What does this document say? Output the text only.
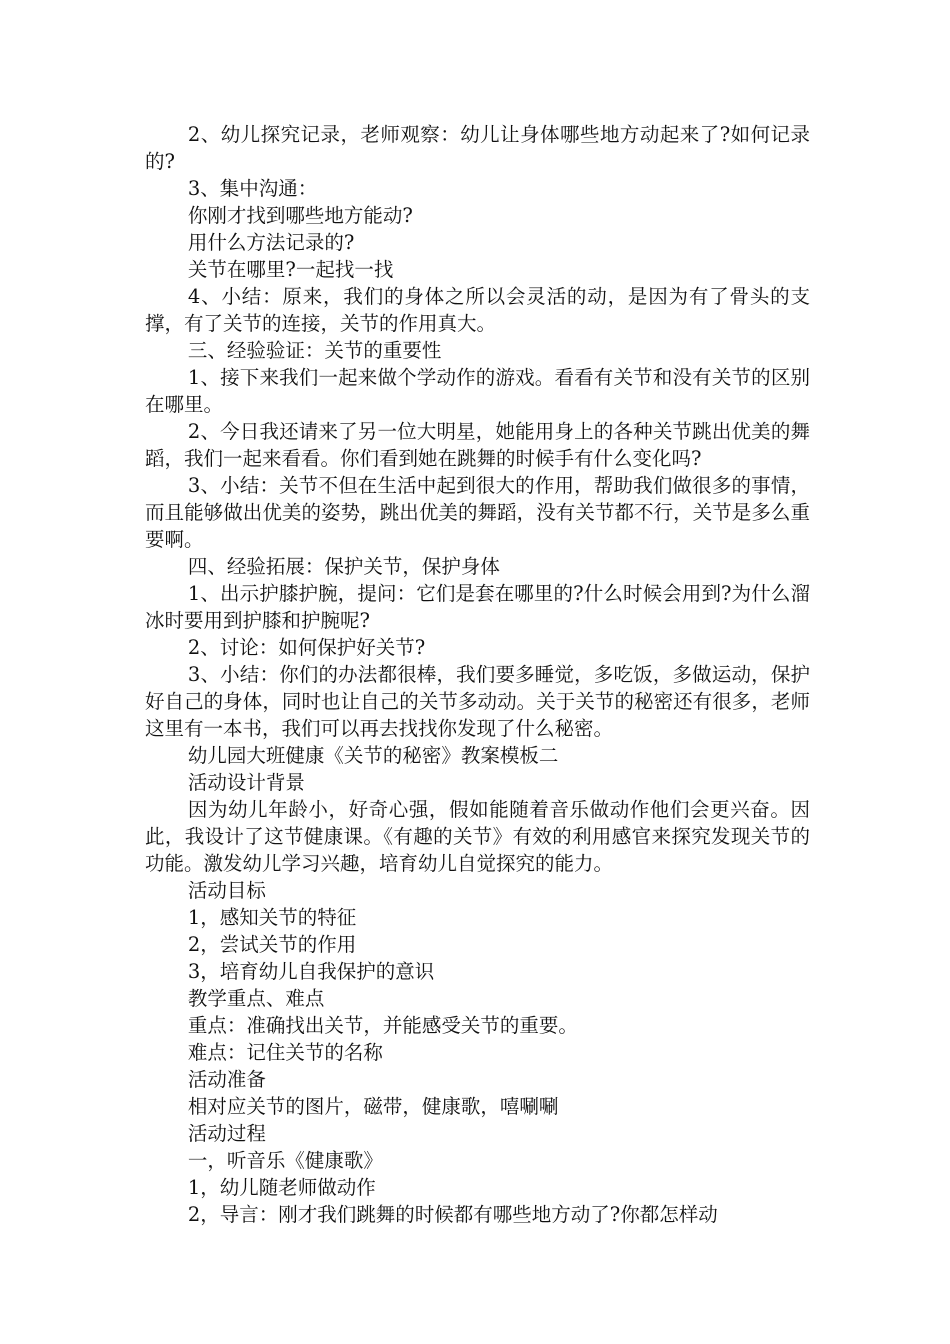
2、幼儿探究记录，老师观察：幼儿让身体哪些地方动起来了?如何记录的?

3、集中沟通：

你刚才找到哪些地方能动?

用什么方法记录的?

关节在哪里?一起找一找

4、小结：原来，我们的身体之所以会灵活的动，是因为有了骨头的支撑，有了关节的连接，关节的作用真大。

三、经验验证：关节的重要性

1、接下来我们一起来做个学动作的游戏。看看有关节和没有关节的区别在哪里。

2、今日我还请来了另一位大明星，她能用身上的各种关节跳出优美的舞蹈，我们一起来看看。你们看到她在跳舞的时候手有什么变化吗?

3、小结：关节不但在生活中起到很大的作用，帮助我们做很多的事情，而且能够做出优美的姿势，跳出优美的舞蹈，没有关节都不行，关节是多么重要啊。

四、经验拓展：保护关节，保护身体

1、出示护膝护腕，提问：它们是套在哪里的?什么时候会用到?为什么溜冰时要用到护膝和护腕呢?

2、讨论：如何保护好关节?

3、小结：你们的办法都很棒，我们要多睡觉，多吃饭，多做运动，保护好自己的身体，同时也让自己的关节多动动。关于关节的秘密还有很多，老师这里有一本书，我们可以再去找找你发现了什么秘密。

幼儿园大班健康《关节的秘密》教案模板二

活动设计背景

因为幼儿年龄小，好奇心强，假如能随着音乐做动作他们会更兴奋。因此，我设计了这节健康课。《有趣的关节》有效的利用感官来探究发现关节的功能。激发幼儿学习兴趣，培育幼儿自觉探究的能力。

活动目标

1，感知关节的特征

2，尝试关节的作用

3，培育幼儿自我保护的意识

教学重点、难点

重点：准确找出关节，并能感受关节的重要。

难点：记住关节的名称

活动准备

相对应关节的图片，磁带，健康歌，嘻唰唰

活动过程

一，听音乐《健康歌》

1，幼儿随老师做动作

2，导言：刚才我们跳舞的时候都有哪些地方动了?你都怎样动
